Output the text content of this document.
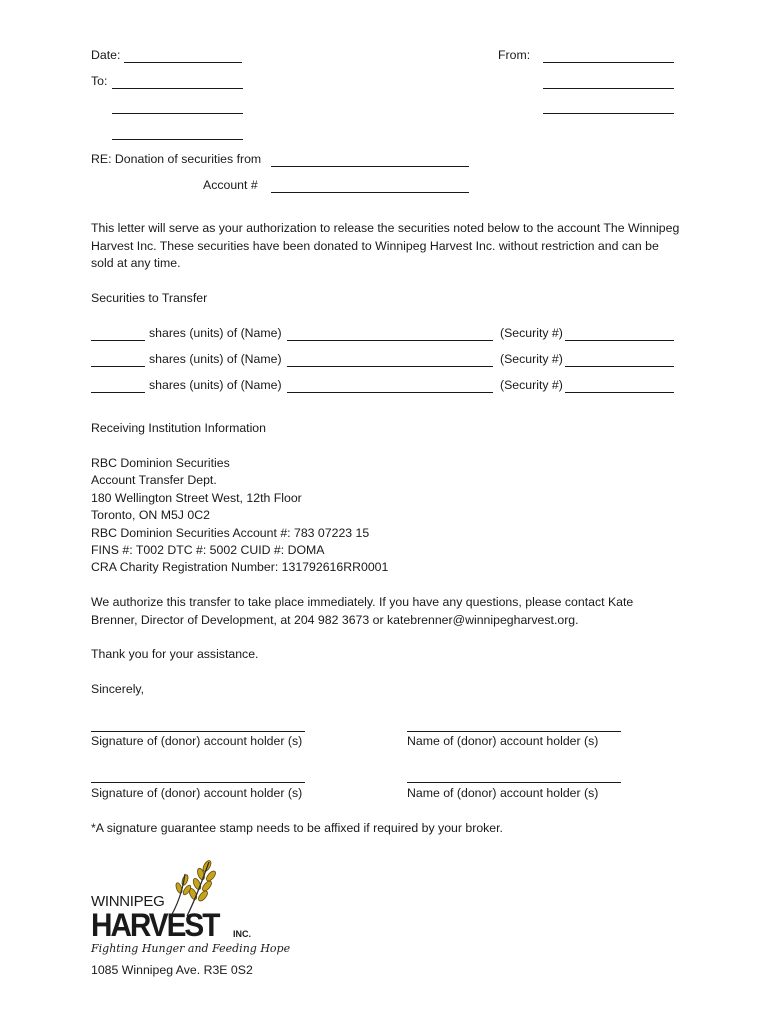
Date:	From:
To:
RE: Donation of securities from
Account #
This letter will serve as your authorization to release the securities noted below to the account The Winnipeg Harvest Inc. These securities have been donated to Winnipeg Harvest Inc. without restriction and can be sold at any time.
Securities to Transfer
shares (units) of (Name)	(Security #)
shares (units) of (Name)	(Security #)
shares (units) of (Name)	(Security #)
Receiving Institution Information
RBC Dominion Securities
Account Transfer Dept.
180 Wellington Street West, 12th Floor
Toronto, ON M5J 0C2
RBC Dominion Securities Account #: 783 07223 15
FINS #: T002 DTC #: 5002 CUID #: DOMA
CRA Charity Registration Number: 131792616RR0001
We authorize this transfer to take place immediately. If you have any questions, please contact Kate Brenner, Director of Development, at 204 982 3673 or katebrenner@winnipegharvest.org.
Thank you for your assistance.
Sincerely,
Signature of (donor) account holder (s)	Name of (donor) account holder (s)
Signature of (donor) account holder (s)	Name of (donor) account holder (s)
*A signature guarantee stamp needs to be affixed if required by your broker.
WINNIPEG
HARVEST INC.
Fighting Hunger and Feeding Hope
1085 Winnipeg Ave. R3E 0S2
